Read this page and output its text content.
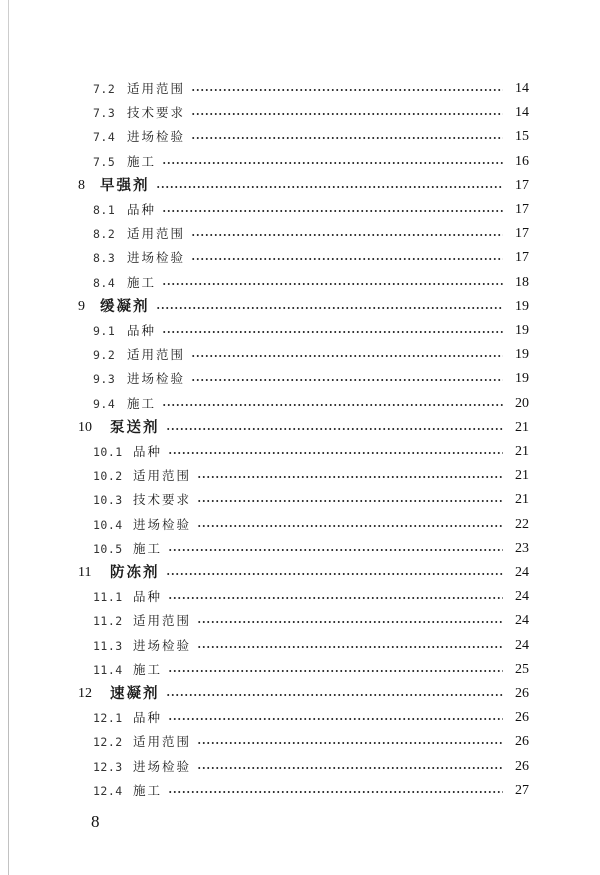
7.2 适用范围	14
7.3 技术要求	14
7.4 进场检验	15
7.5 施工	16
8	早强剂	17
8.1 品种	17
8.2 适用范围	17
8.3 进场检验	17
8.4 施工	18
9	缓凝剂	19
9.1 品种	19
9.2 适用范围	19
9.3 进场检验	19
9.4 施工	20
10	泵送剂	21
10.1 品种	21
10.2 适用范围	21
10.3 技术要求	21
10.4 进场检验	22
10.5 施工	23
11	防冻剂	24
11.1 品种	24
11.2 适用范围	24
11.3 进场检验	24
11.4 施工	25
12	速凝剂	26
12.1 品种	26
12.2 适用范围	26
12.3 进场检验	26
12.4 施工	27
8
